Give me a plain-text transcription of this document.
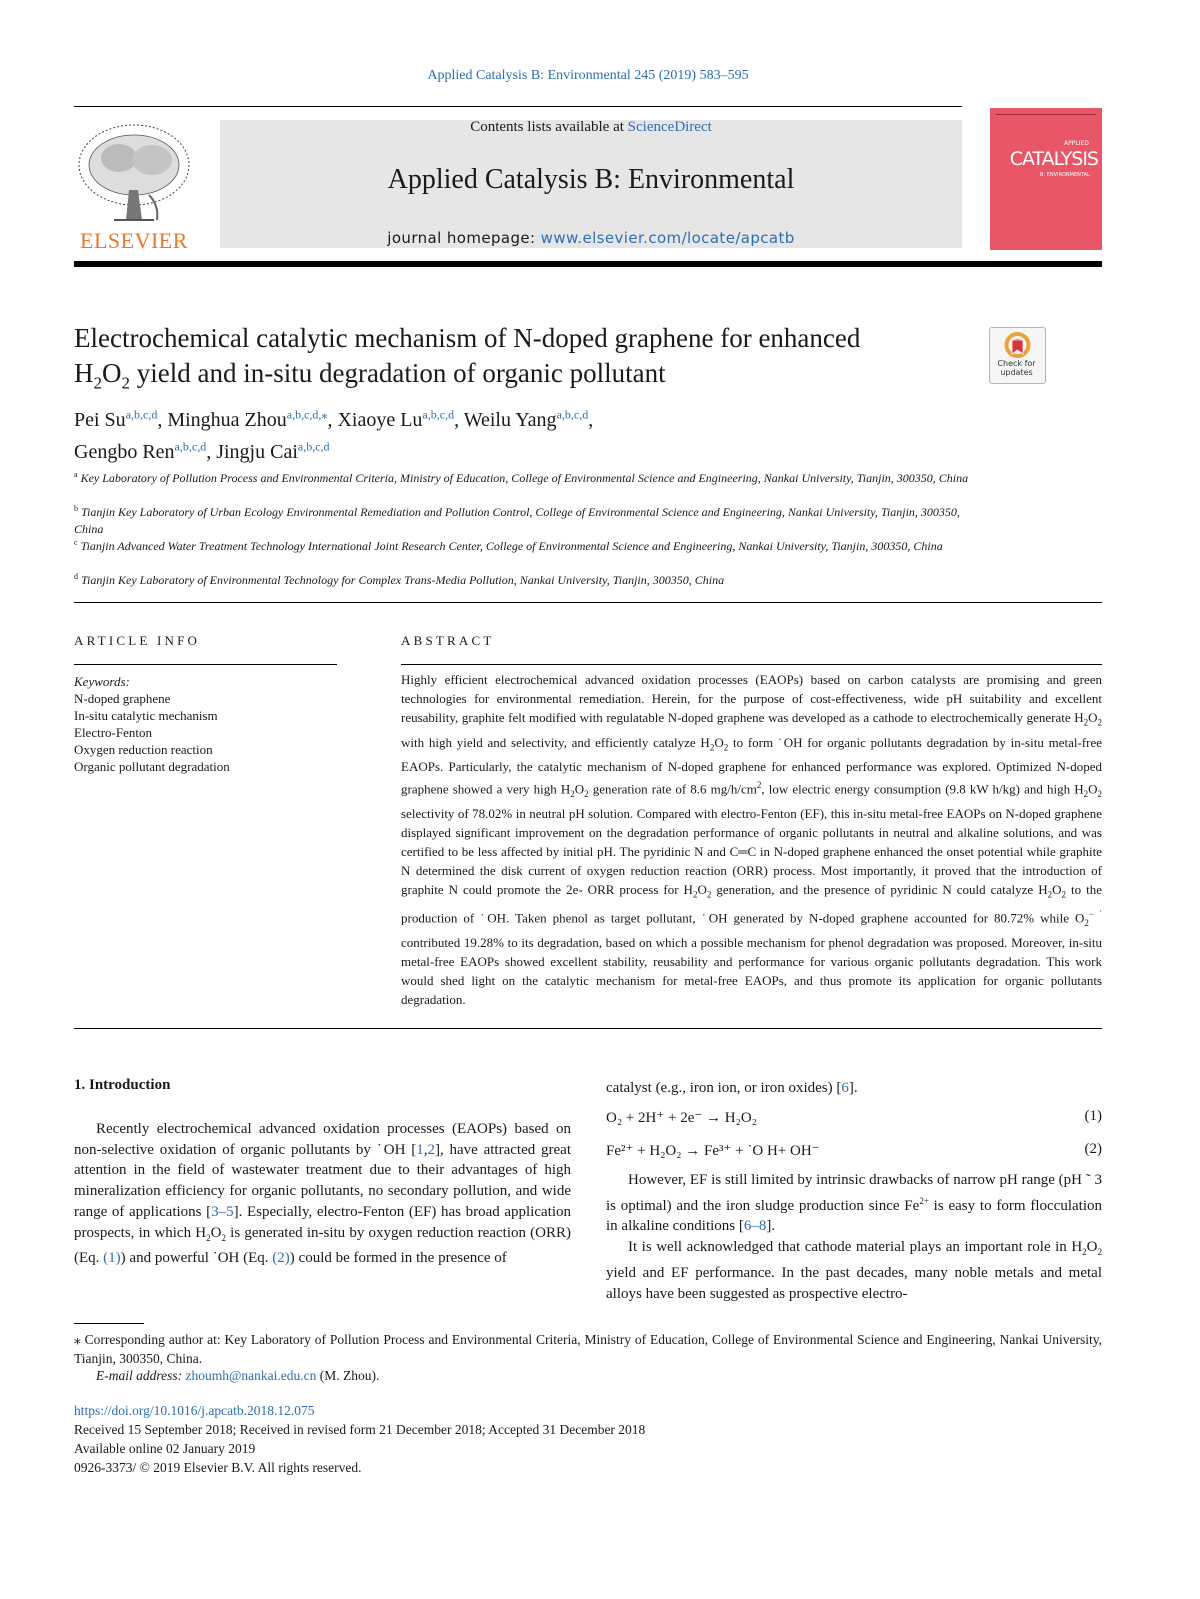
Applied Catalysis B: Environmental 245 (2019) 583–595
ELSEVIER
Contents lists available at ScienceDirect
Applied Catalysis B: Environmental
journal homepage: www.elsevier.com/locate/apcatb
APPLIED
CATALYSIS
B: ENVIRONMENTAL
Electrochemical catalytic mechanism of N-doped graphene for enhanced
$H_2O_2$ yield and in-situ degradation of organic pollutant	Check for updates
Pei Su$^{a,b,c,d}$, Minghua Zhou$^{a,b,c,d,⁎}$, Xiaoye Lu$^{a,b,c,d}$, Weilu Yang$^{a,b,c,d}$,
Gengbo Ren$^{a,b,c,d}$, Jingju Cai$^{a,b,c,d}$
$^a$ Key Laboratory of Pollution Process and Environmental Criteria, Ministry of Education, College of Environmental Science and Engineering, Nankai University, Tianjin, 300350, China
$^b$ Tianjin Key Laboratory of Urban Ecology Environmental Remediation and Pollution Control, College of Environmental Science and Engineering, Nankai University, Tianjin, 300350, China
$^c$ Tianjin Advanced Water Treatment Technology International Joint Research Center, College of Environmental Science and Engineering, Nankai University, Tianjin, 300350, China
$^d$ Tianjin Key Laboratory of Environmental Technology for Complex Trans-Media Pollution, Nankai University, Tianjin, 300350, China
ARTICLE INFO
Keywords:
N-doped graphene
In-situ catalytic mechanism
Electro-Fenton
Oxygen reduction reaction
Organic pollutant degradation
ABSTRACT
Highly efficient electrochemical advanced oxidation processes (EAOPs) based on carbon catalysts are promising and green technologies for environmental remediation. Herein, for the purpose of cost-effectiveness, wide pH suitability and excellent reusability, graphite felt modified with regulatable N-doped graphene was developed as a cathode to electrochemically generate $H_2O_2$ with high yield and selectivity, and efficiently catalyze $H_2O_2$ to form ˙OH for organic pollutants degradation by in-situ metal-free EAOPs. Particularly, the catalytic mechanism of N-doped graphene for enhanced performance was explored. Optimized N-doped graphene showed a very high $H_2O_2$ generation rate of 8.6 $mg/h/cm^2$, low electric energy consumption (9.8 kW h/kg) and high $H_2O_2$ selectivity of 78.02% in neutral pH solution. Compared with electro-Fenton (EF), this in-situ metal-free EAOPs on N-doped graphene displayed significant improvement on the degradation performance of organic pollutants in neutral and alkaline solutions, and was certified to be less affected by initial pH. The pyridinic N and C═C in N-doped graphene enhanced the onset potential while graphite N determined the disk current of oxygen reduction reaction (ORR) process. Most importantly, it proved that the introduction of graphite N could promote the 2e- ORR process for $H_2O_2$ generation, and the presence of pyridinic N could catalyze $H_2O_2$ to the production of ˙OH. Taken phenol as target pollutant, ˙OH generated by N-doped graphene accounted for 80.72% while $O_2^{- ˙}$ contributed 19.28% to its degradation, based on which a possible mechanism for phenol degradation was proposed. Moreover, in-situ metal-free EAOPs showed excellent stability, reusability and performance for various organic pollutants degradation. This work would shed light on the catalytic mechanism for metal-free EAOPs, and thus promote its application for organic pollutants degradation.
1. Introduction
Recently electrochemical advanced oxidation processes (EAOPs) based on non-selective oxidation of organic pollutants by ˙OH [1,2], have attracted great attention in the field of wastewater treatment due to their advantages of high mineralization efficiency for organic pollutants, no secondary pollution, and wide range of applications [3–5]. Especially, electro-Fenton (EF) has broad application prospects, in which $H_2O_2$ is generated in-situ by oxygen reduction reaction (ORR) (Eq. (1)) and powerful ˙OH (Eq. (2)) could be formed in the presence of
catalyst (e.g., iron ion, or iron oxides) [6].
O₂ + 2H⁺ + 2e⁻ → H₂O₂	(1)
Fe²⁺ + H₂O₂ → Fe³⁺ + ˙O H+ OH⁻	(2)

However, EF is still limited by intrinsic drawbacks of narrow pH range (pH ˜ 3 is optimal) and the iron sludge production since $Fe^{2+}$ is easy to form flocculation in alkaline conditions [6–8].

It is well acknowledged that cathode material plays an important role in $H_2O_2$ yield and EF performance. In the past decades, many noble metals and metal alloys have been suggested as prospective electro-

⁎ Corresponding author at: Key Laboratory of Pollution Process and Environmental Criteria, Ministry of Education, College of Environmental Science and Engineering, Nankai University, Tianjin, 300350, China.
E-mail address: zhoumh@nankai.edu.cn (M. Zhou).
https://doi.org/10.1016/j.apcatb.2018.12.075
Received 15 September 2018; Received in revised form 21 December 2018; Accepted 31 December 2018
Available online 02 January 2019
0926-3373/ © 2019 Elsevier B.V. All rights reserved.
